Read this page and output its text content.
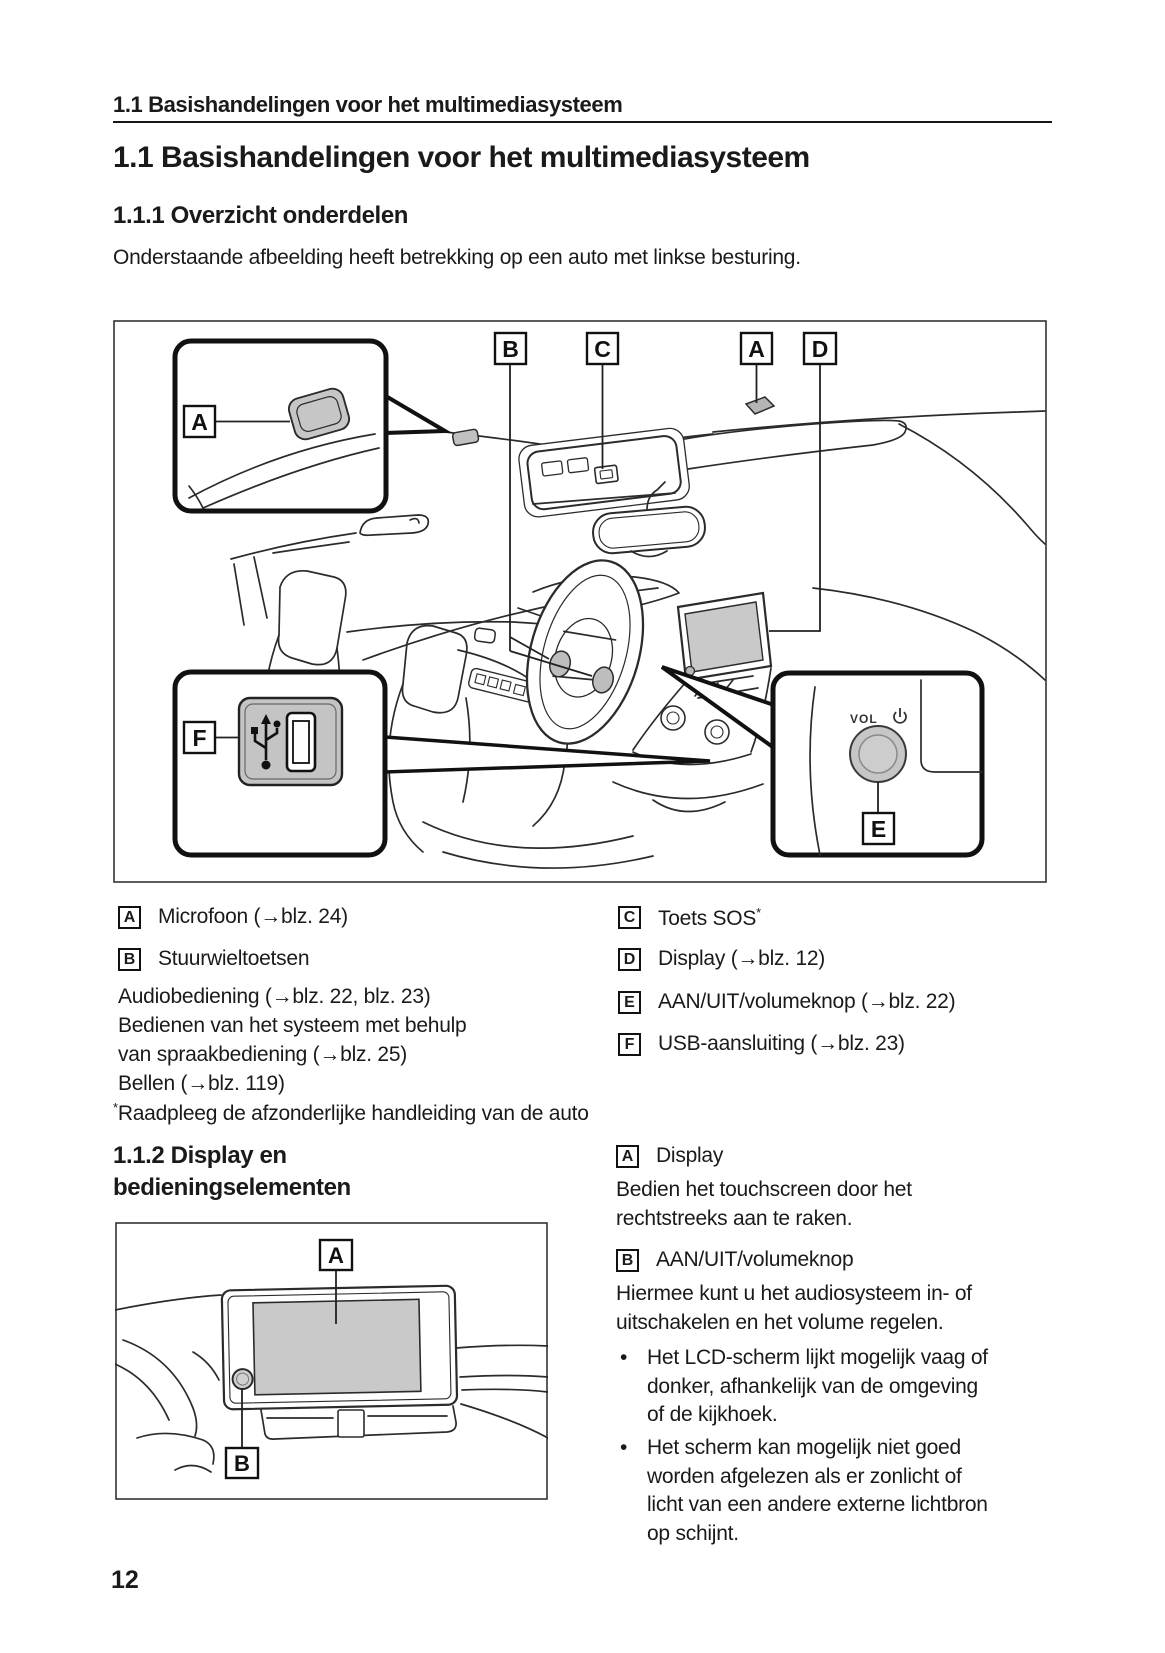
1.1 Basishandelingen voor het multimediasysteem
1.1 Basishandelingen voor het multimediasysteem
1.1.1 Overzicht onderdelen
Onderstaande afbeelding heeft betrekking op een auto met linkse besturing.
VOL
A
B	C	A D
E
F
A Microfoon (→blz. 24)
B Stuurwieltoetsen
Audiobediening (→blz. 22, blz. 23)
Bedienen van het systeem met behulp
van spraakbediening (→blz. 25)
Bellen (→blz. 119)
C Toets SOS*
D Display (→blz. 12)
E AAN/UIT/volumeknop (→blz. 22)
F	USB-aansluiting (→blz. 23)
*Raadpleeg de afzonderlijke handleiding van de auto
1.1.2 Display en
bedieningselementen
A
B
A Display
Bedien het touchscreen door het
rechtstreeks aan te raken.
B AAN/UIT/volumeknop
Hiermee kunt u het audiosysteem in- of
uitschakelen en het volume regelen.
• Het LCD-scherm lijkt mogelijk vaag of
donker, afhankelijk van de omgeving
of de kijkhoek.
• Het scherm kan mogelijk niet goed
worden afgelezen als er zonlicht of
licht van een andere externe lichtbron
op schijnt.
12
